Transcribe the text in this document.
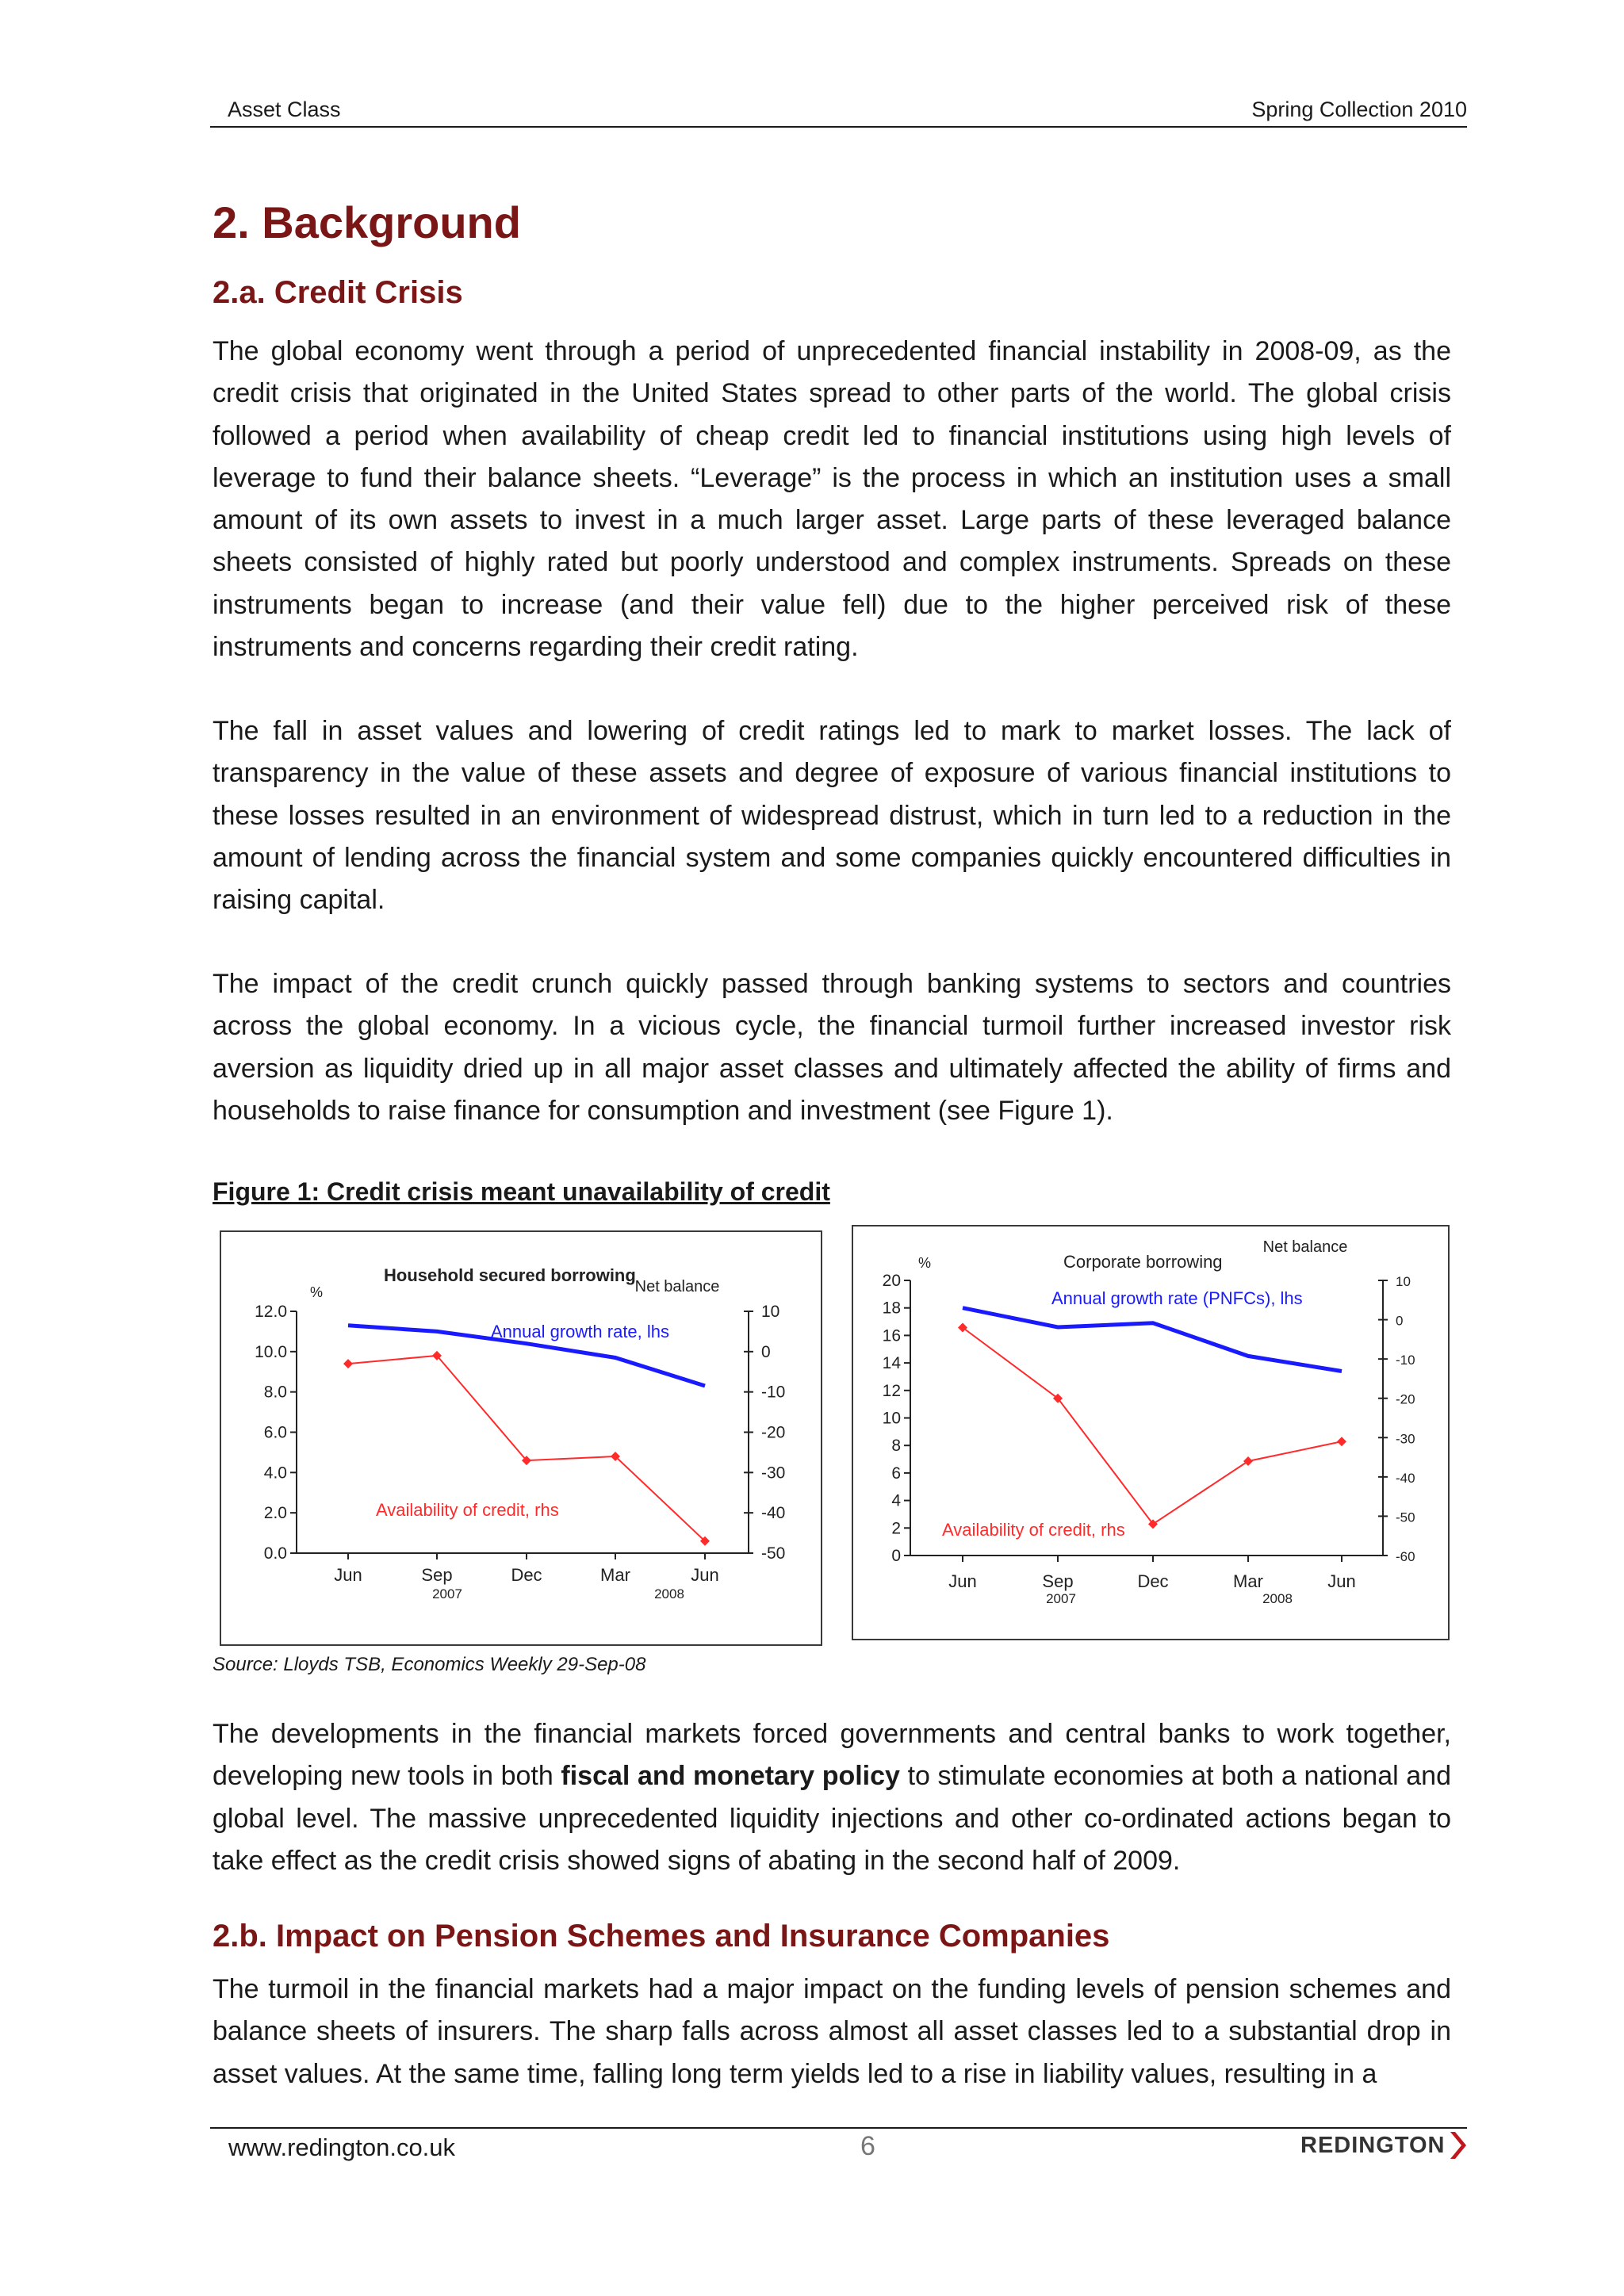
Asset Class	Spring Collection 2010
2. Background
2.a. Credit Crisis
The global economy went through a period of unprecedented financial instability in 2008-09, as the credit crisis that originated in the United States spread to other parts of the world. The global crisis followed a period when availability of cheap credit led to financial institutions using high levels of leverage to fund their balance sheets. “Leverage” is the process in which an institution uses a small amount of its own assets to invest in a much larger asset. Large parts of these leveraged balance sheets consisted of highly rated but poorly understood and complex instruments. Spreads on these instruments began to increase (and their value fell) due to the higher perceived risk of these instruments and concerns regarding their credit rating.
The fall in asset values and lowering of credit ratings led to mark to market losses. The lack of transparency in the value of these assets and degree of exposure of various financial institutions to these losses resulted in an environment of widespread distrust, which in turn led to a reduction in the amount of lending across the financial system and some companies quickly encountered difficulties in raising capital.
The impact of the credit crunch quickly passed through banking systems to sectors and countries across the global economy. In a vicious cycle, the financial turmoil further increased investor risk aversion as liquidity dried up in all major asset classes and ultimately affected the ability of firms and households to raise finance for consumption and investment (see Figure 1).
Figure 1: Credit crisis meant unavailability of credit
Household secured borrowing
%	Net balance
12.0
10.0
8.0
6.0
4.0
2.0
0.0
10
0
-10
-20
-30
-40
-50
Jun	Sep	Dec	Mar	Jun
2007	2008
Annual growth rate, lhs
Availability of credit, rhs
Corporate borrowing
%
Net balance
20
18
16
14
12
10
8
6
4
2
0
10
0
-10
-20
-30
-40
-50
-60
Jun	Sep	Dec	Mar	Jun
2007	2008
Annual growth rate (PNFCs), lhs
Availability of credit, rhs
Source: Lloyds TSB, Economics Weekly 29-Sep-08
The developments in the financial markets forced governments and central banks to work together, developing new tools in both fiscal and monetary policy to stimulate economies at both a national and global level. The massive unprecedented liquidity injections and other co-ordinated actions began to take effect as the credit crisis showed signs of abating in the second half of 2009.
2.b. Impact on Pension Schemes and Insurance Companies
The turmoil in the financial markets had a major impact on the funding levels of pension schemes and balance sheets of insurers. The sharp falls across almost all asset classes led to a substantial drop in asset values. At the same time, falling long term yields led to a rise in liability values, resulting in a
www.redington.co.uk	6	REDINGTON
